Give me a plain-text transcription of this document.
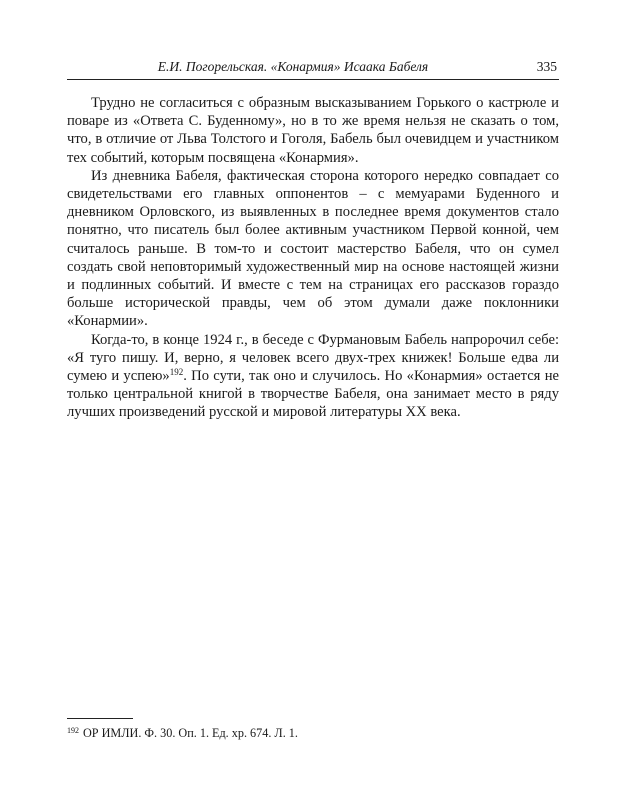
Е.И. Погорельская. «Конармия» Исаака Бабеля	335

Трудно не согласиться с образным высказыванием Горького о кастрюле и поваре из «Ответа С. Буденному», но в то же время нельзя не сказать о том, что, в отличие от Льва Толстого и Гоголя, Бабель был очевидцем и участником тех событий, которым посвящена «Конармия».

Из дневника Бабеля, фактическая сторона которого нередко совпадает со свидетельствами его главных оппонентов – с мемуарами Буденного и дневником Орловского, из выявленных в последнее время документов стало понятно, что писатель был более активным участником Первой конной, чем считалось раньше. В том-то и состоит мастерство Бабеля, что он сумел создать свой неповторимый художественный мир на основе настоящей жизни и подлинных событий. И вместе с тем на страницах его рассказов гораздо больше исторической правды, чем об этом думали даже поклонники «Конармии».

Когда-то, в конце 1924 г., в беседе с Фурмановым Бабель напророчил себе: «Я туго пишу. И, верно, я человек всего двух-трех книжек! Больше едва ли сумею и успею»$^{192}$. По сути, так оно и случилось. Но «Конармия» остается не только центральной книгой в творчестве Бабеля, она занимает место в ряду лучших произведений русской и мировой литературы XX века.

$^{192}$ ОР ИМЛИ. Ф. 30. Оп. 1. Ед. хр. 674. Л. 1.
